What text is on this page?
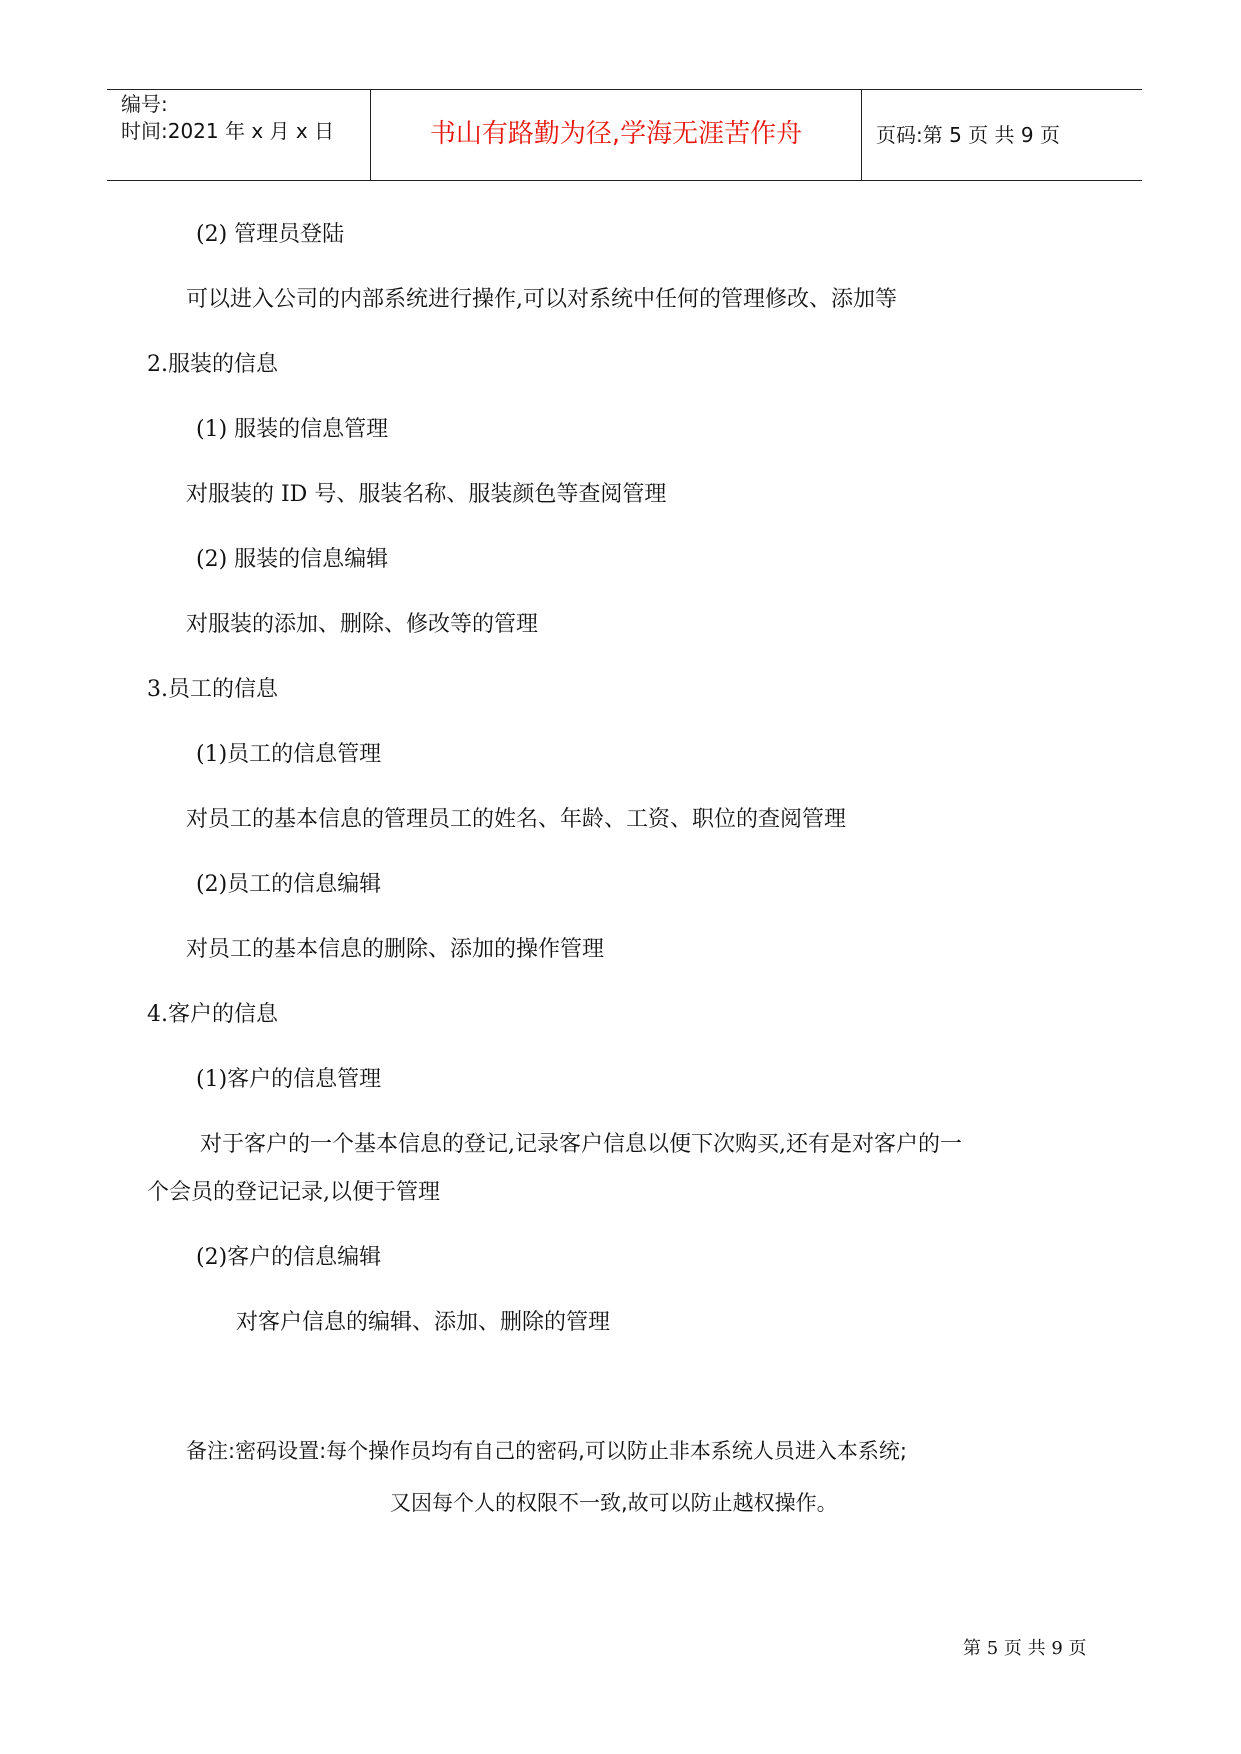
编号:
时间:2021 年 x 月 x 日	书山有路勤为径,学海无涯苦作舟	页码:第 5 页 共 9 页
(2) 管理员登陆
可以进入公司的内部系统进行操作,可以对系统中任何的管理修改、添加等
2.服装的信息
(1) 服装的信息管理
对服装的 ID 号、服装名称、服装颜色等查阅管理
(2) 服装的信息编辑
对服装的添加、删除、修改等的管理
3.员工的信息
(1)员工的信息管理
对员工的基本信息的管理员工的姓名、年龄、工资、职位的查阅管理
(2)员工的信息编辑
对员工的基本信息的删除、添加的操作管理
4.客户的信息
(1)客户的信息管理
对于客户的一个基本信息的登记,记录客户信息以便下次购买,还有是对客户的一
个会员的登记记录,以便于管理
(2)客户的信息编辑
对客户信息的编辑、添加、删除的管理
备注:密码设置:每个操作员均有自己的密码,可以防止非本系统人员进入本系统;
又因每个人的权限不一致,故可以防止越权操作。
第 5 页 共 9 页
